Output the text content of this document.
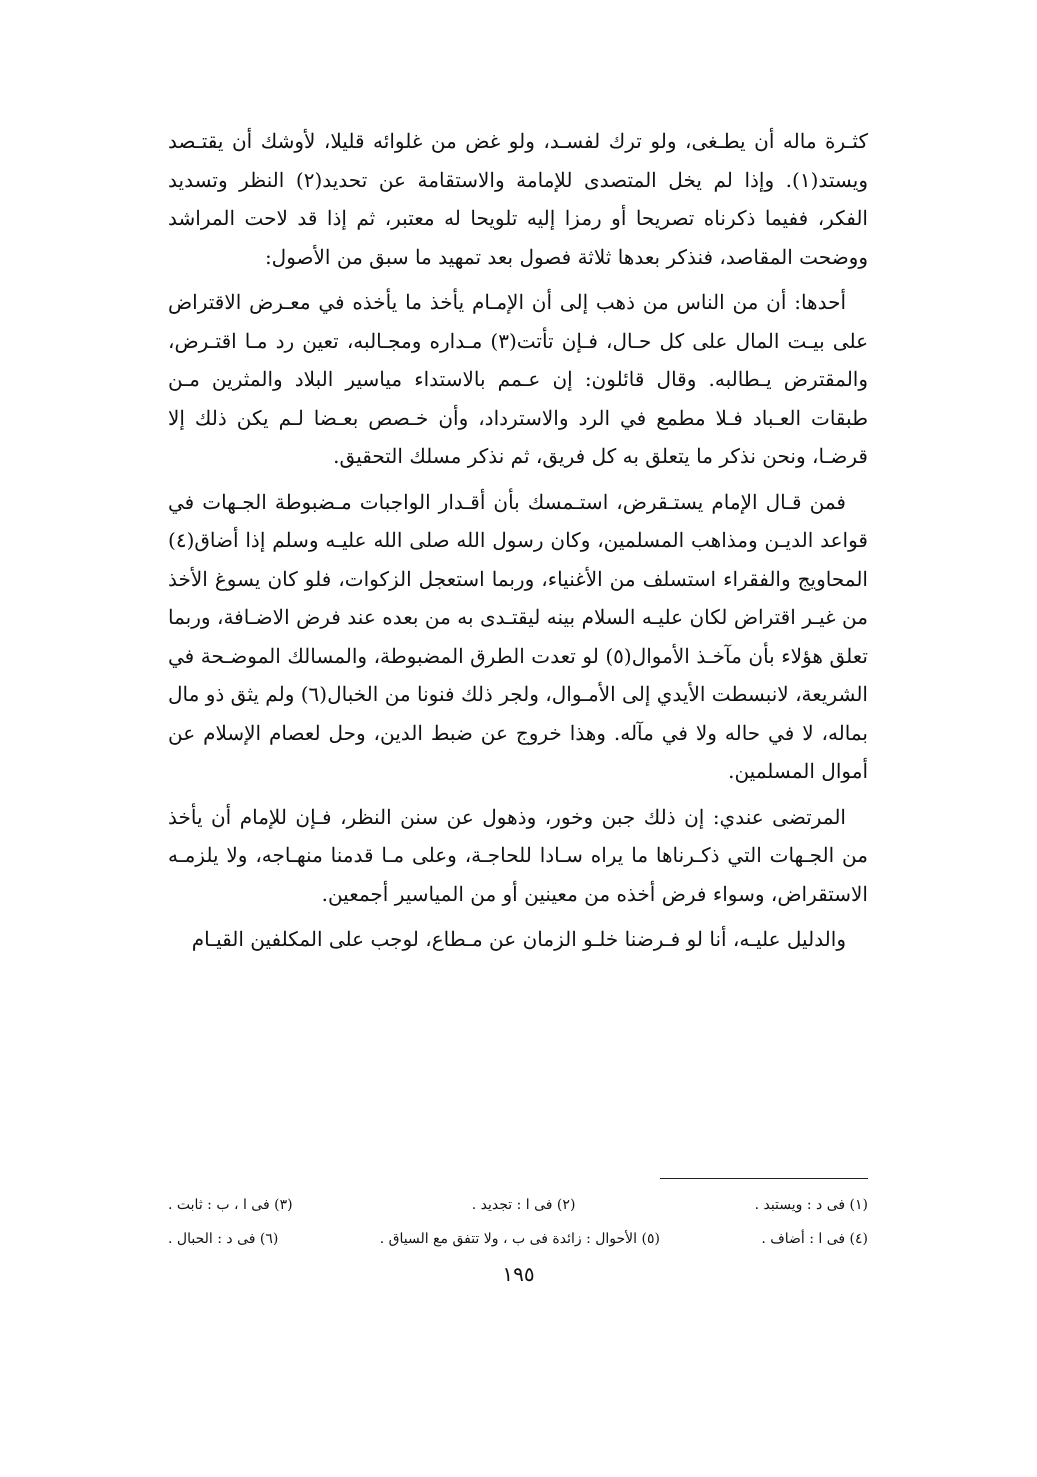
كثـرة ماله أن يطـغى، ولو ترك لفسـد، ولو غض من غلوائه قليلا، لأوشك أن يقتـصد ويستد(١). وإذا لم يخل المتصدى للإمامة والاستقامة عن تحديد(٢) النظر وتسديد الفكر، ففيما ذكرناه تصريحا أو رمزا إليه تلويحا له معتبر، ثم إذا قد لاحت المراشد ووضحت المقاصد، فنذكر بعدها ثلاثة فصول بعد تمهيد ما سبق من الأصول:

أحدها: أن من الناس من ذهب إلى أن الإمـام يأخذ ما يأخذه في معـرض الاقتراض على بيـت المال على كل حـال، فـإن تأتت(٣) مـداره ومجـالبه، تعين رد مـا اقتـرض، والمقترض يـطالبه. وقال قائلون: إن عـمم بالاستداء مياسير البلاد والمثرين مـن طبقات العـباد فـلا مطمع في الرد والاسترداد، وأن خـصص بعـضا لـم يكن ذلك إلا قرضـا، ونحن نذكر ما يتعلق به كل فريق، ثم نذكر مسلك التحقيق.

فمن قـال الإمام يستـقرض، استـمسك بأن أقـدار الواجبات مـضبوطة الجـهات في قواعد الديـن ومذاهب المسلمين، وكان رسول الله صلى الله عليـه وسلم إذا أضاق(٤) المحاويج والفقراء استسلف من الأغنياء، وربما استعجل الزكوات، فلو كان يسوغ الأخذ من غيـر اقتراض لكان عليـه السلام بينه ليقتـدى به من بعده عند فرض الاضـافة، وربما تعلق هؤلاء بأن مآخـذ الأموال(٥) لو تعدت الطرق المضبوطة، والمسالك الموضـحة في الشريعة، لانبسطت الأيدي إلى الأمـوال، ولجر ذلك فنونا من الخبال(٦) ولم يثق ذو مال بماله، لا في حاله ولا في مآله. وهذا خروج عن ضبط الدين، وحل لعصام الإسلام عن أموال المسلمين.

المرتضى عندي: إن ذلك جبن وخور، وذهول عن سنن النظر، فـإن للإمام أن يأخذ من الجـهات التي ذكـرناها ما يراه سـادا للحاجـة، وعلى مـا قدمنا منهـاجه، ولا يلزمـه الاستقراض، وسواء فرض أخذه من معينين أو من المياسير أجمعين.

والدليل عليـه، أنا لو فـرضنا خلـو الزمان عن مـطاع، لوجب على المكلفين القيـام

(١) فى د : ويستبد .
(٢) فى ا : تجديد .
(٣) فى ا ، ب : ثابت .
(٤) فى ا : أضاف .
(٥) الأحوال : زائدة فى ب ، ولا تتفق مع السياق .
(٦) فى د : الحبال .
١٩٥
